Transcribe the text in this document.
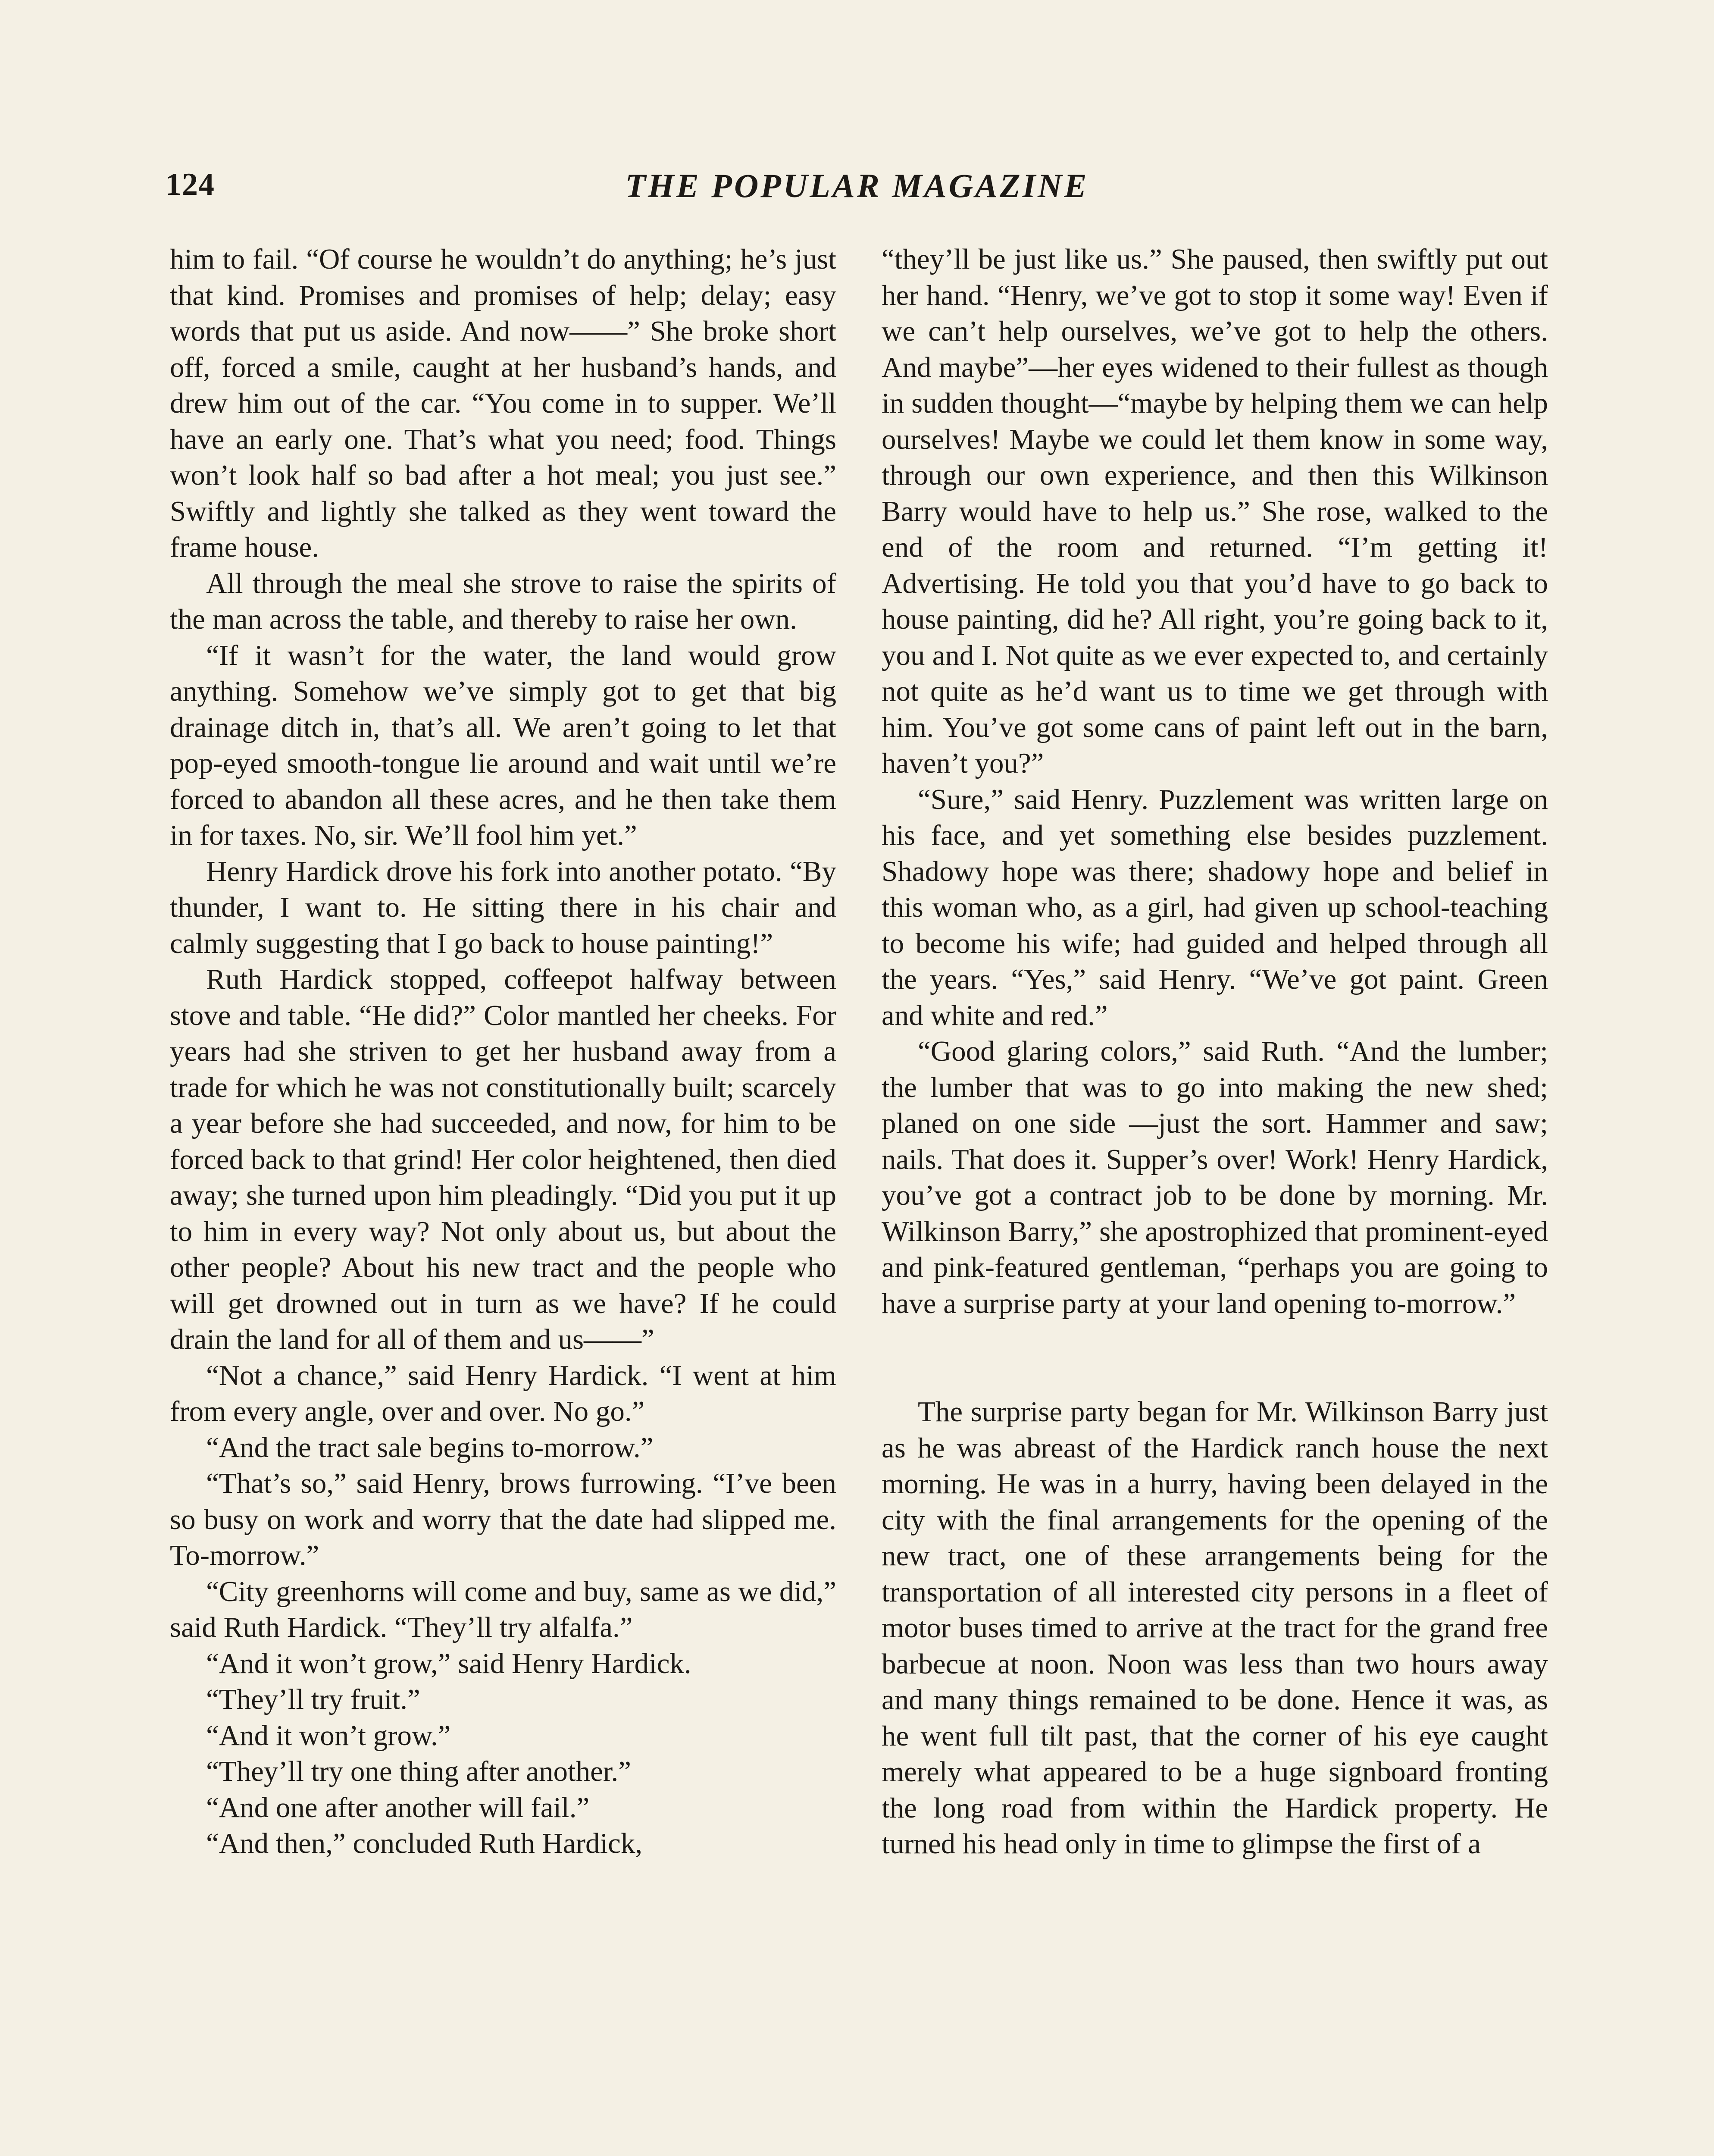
124	THE POPULAR MAGAZINE

him to fail. “Of course he wouldn’t do anything; he’s just that kind. Promises and promises of help; delay; easy words that put us aside. And now——” She broke short off, forced a smile, caught at her husband’s hands, and drew him out of the car. “You come in to supper. We’ll have an early one. That’s what you need; food. Things won’t look half so bad after a hot meal; you just see.” Swiftly and lightly she talked as they went toward the frame house.

All through the meal she strove to raise the spirits of the man across the table, and thereby to raise her own.

“If it wasn’t for the water, the land would grow anything. Somehow we’ve simply got to get that big drainage ditch in, that’s all. We aren’t going to let that pop-eyed smooth-tongue lie around and wait until we’re forced to abandon all these acres, and he then take them in for taxes. No, sir. We’ll fool him yet.”

Henry Hardick drove his fork into another potato. “By thunder, I want to. He sitting there in his chair and calmly suggesting that I go back to house painting!”

Ruth Hardick stopped, coffeepot halfway between stove and table. “He did?” Color mantled her cheeks. For years had she striven to get her husband away from a trade for which he was not constitutionally built; scarcely a year before she had succeeded, and now, for him to be forced back to that grind! Her color heightened, then died away; she turned upon him pleadingly. “Did you put it up to him in every way? Not only about us, but about the other people? About his new tract and the people who will get drowned out in turn as we have? If he could drain the land for all of them and us——”

“Not a chance,” said Henry Hardick. “I went at him from every angle, over and over. No go.”

“And the tract sale begins to-morrow.”

“That’s so,” said Henry, brows furrowing. “I’ve been so busy on work and worry that the date had slipped me. To-morrow.”

“City greenhorns will come and buy, same as we did,” said Ruth Hardick. “They’ll try alfalfa.”

“And it won’t grow,” said Henry Hardick.

“They’ll try fruit.”

“And it won’t grow.”

“They’ll try one thing after another.”

“And one after another will fail.”

“And then,” concluded Ruth Hardick,

“they’ll be just like us.” She paused, then swiftly put out her hand. “Henry, we’ve got to stop it some way! Even if we can’t help ourselves, we’ve got to help the others. And maybe”—her eyes widened to their fullest as though in sudden thought—“maybe by helping them we can help ourselves! Maybe we could let them know in some way, through our own experience, and then this Wilkinson Barry would have to help us.” She rose, walked to the end of the room and returned. “I’m getting it! Advertising. He told you that you’d have to go back to house painting, did he? All right, you’re going back to it, you and I. Not quite as we ever expected to, and certainly not quite as he’d want us to time we get through with him. You’ve got some cans of paint left out in the barn, haven’t you?”

“Sure,” said Henry. Puzzlement was written large on his face, and yet something else besides puzzlement. Shadowy hope was there; shadowy hope and belief in this woman who, as a girl, had given up school-teaching to become his wife; had guided and helped through all the years. “Yes,” said Henry. “We’ve got paint. Green and white and red.”

“Good glaring colors,” said Ruth. “And the lumber; the lumber that was to go into making the new shed; planed on one side —just the sort. Hammer and saw; nails. That does it. Supper’s over! Work! Henry Hardick, you’ve got a contract job to be done by morning. Mr. Wilkinson Barry,” she apostrophized that prominent-eyed and pink-featured gentleman, “perhaps you are going to have a surprise party at your land opening to-morrow.”

The surprise party began for Mr. Wilkinson Barry just as he was abreast of the Hardick ranch house the next morning. He was in a hurry, having been delayed in the city with the final arrangements for the opening of the new tract, one of these arrangements being for the transportation of all interested city persons in a fleet of motor buses timed to arrive at the tract for the grand free barbecue at noon. Noon was less than two hours away and many things remained to be done. Hence it was, as he went full tilt past, that the corner of his eye caught merely what appeared to be a huge signboard fronting the long road from within the Hardick property. He turned his head only in time to glimpse the first of a
